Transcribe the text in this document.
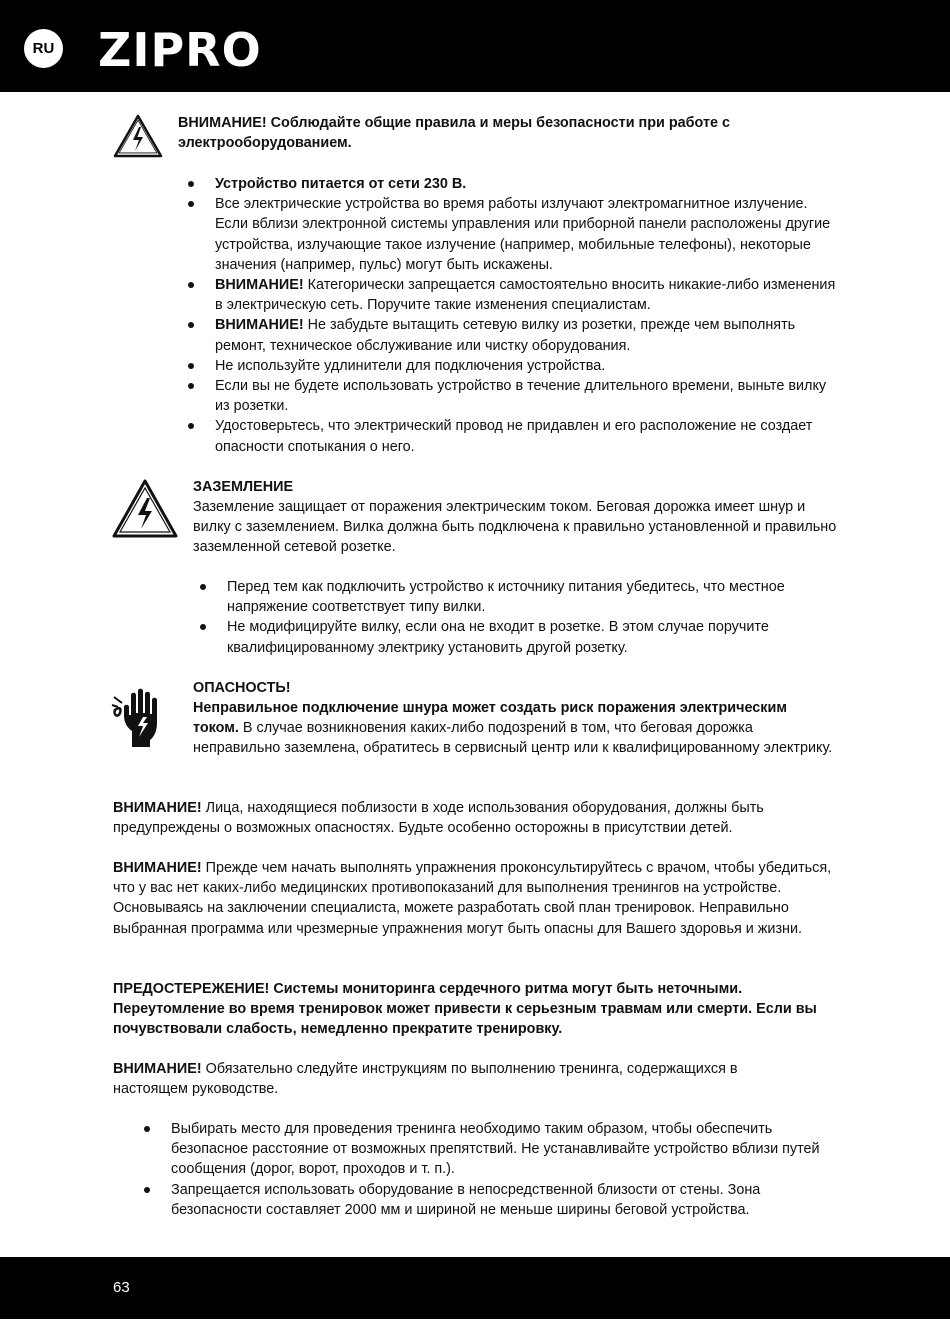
RU ZIPRO
ВНИМАНИЕ! Соблюдайте общие правила и меры безопасности при работе с электрооборудованием.
Устройство питается от сети 230 В.
Все электрические устройства во время работы излучают электромагнитное излучение. Если вблизи электронной системы управления или приборной панели расположены другие устройства, излучающие такое излучение (например, мобильные телефоны), некоторые значения (например, пульс) могут быть искажены.
ВНИМАНИЕ! Категорически запрещается самостоятельно вносить никакие-либо изменения в электрическую сеть. Поручите такие изменения специалистам.
ВНИМАНИЕ! Не забудьте вытащить сетевую вилку из розетки, прежде чем выполнять ремонт, техническое обслуживание или чистку оборудования.
Не используйте удлинители для подключения устройства.
Если вы не будете использовать устройство в течение длительного времени, выньте вилку из розетки.
Удостоверьтесь, что электрический провод не придавлен и его расположение не создает опасности спотыкания о него.
ЗАЗЕМЛЕНИЕ

Заземление защищает от поражения электрическим током. Беговая дорожка имеет шнур и вилку с заземлением. Вилка должна быть подключена к правильно установленной и правильно заземленной сетевой розетке.

Перед тем как подключить устройство к источнику питания убедитесь, что местное напряжение соответствует типу вилки.
Не модифицируйте вилку, если она не входит в розетке. В этом случае поручите квалифицированному электрику установить другой розетку.
ОПАСНОСТЬ!

Неправильное подключение шнура может создать риск поражения электрическим током. В случае возникновения каких-либо подозрений в том, что беговая дорожка неправильно заземлена, обратитесь в сервисный центр или к квалифицированному электрику.

ВНИМАНИЕ! Лица, находящиеся поблизости в ходе использования оборудования, должны быть предупреждены о возможных опасностях. Будьте особенно осторожны в присутствии детей.

ВНИМАНИЕ! Прежде чем начать выполнять упражнения проконсультируйтесь с врачом, чтобы убедиться, что у вас нет каких-либо медицинских противопоказаний для выполнения тренингов на устройстве. Основываясь на заключении специалиста, можете разработать свой план тренировок. Неправильно выбранная программа или чрезмерные упражнения могут быть опасны для Вашего здоровья и жизни.

ПРЕДОСТЕРЕЖЕНИЕ! Системы мониторинга сердечного ритма могут быть неточными. Переутомление во время тренировок может привести к серьезным травмам или смерти. Если вы почувствовали слабость, немедленно прекратите тренировку.

ВНИМАНИЕ! Обязательно следуйте инструкциям по выполнению тренинга, содержащихся в настоящем руководстве.

Выбирать место для проведения тренинга необходимо таким образом, чтобы обеспечить безопасное расстояние от возможных препятствий. Не устанавливайте устройство вблизи путей сообщения (дорог, ворот, проходов и т. п.).
Запрещается использовать оборудование в непосредственной близости от стены. Зона безопасности составляет 2000 мм и шириной не меньше ширины беговой устройства.
63
